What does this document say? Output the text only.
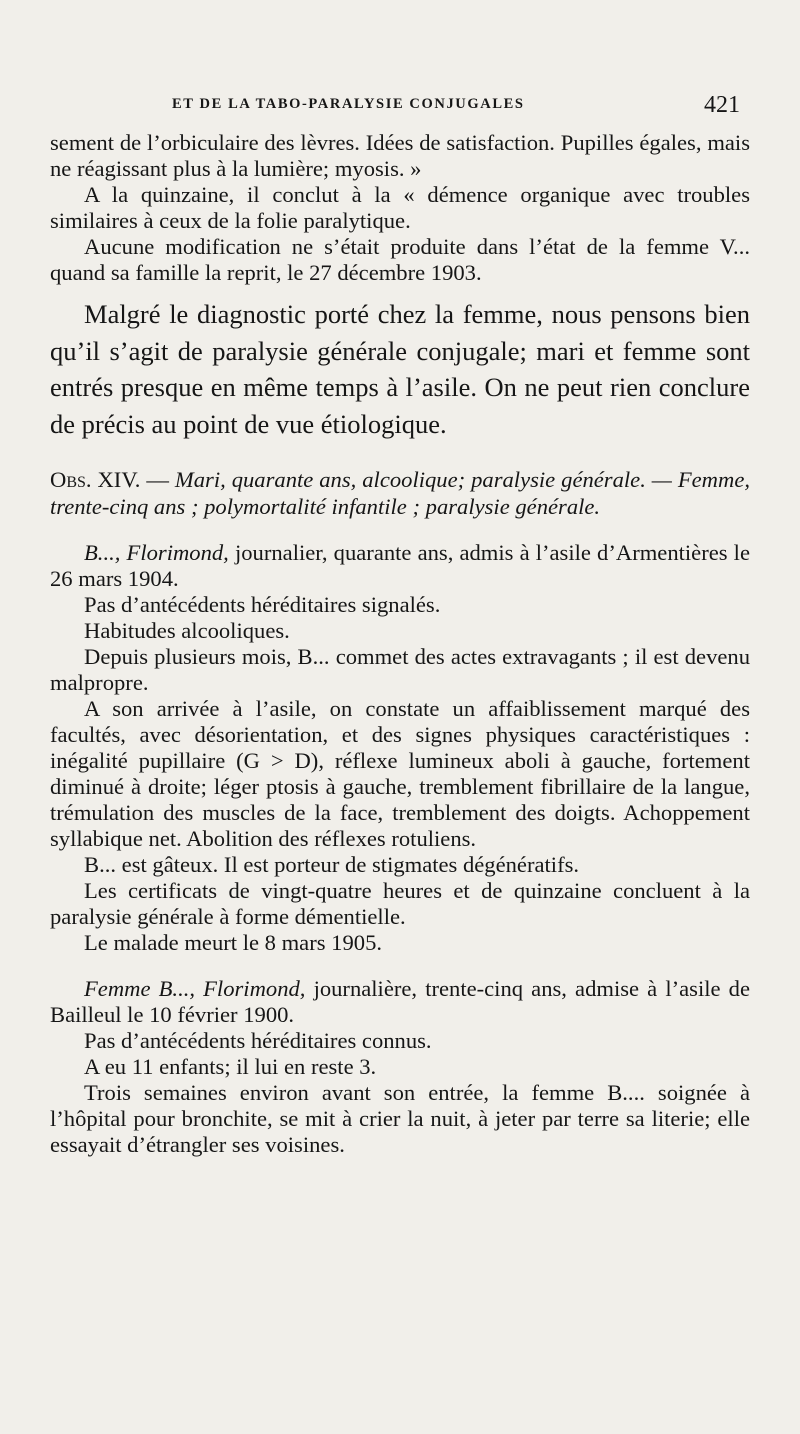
ET DE LA TABO-PARALYSIE CONJUGALES	421

sement de l’orbiculaire des lèvres. Idées de satisfaction. Pupilles égales, mais ne réagissant plus à la lumière; myosis. »

A la quinzaine, il conclut à la « démence organique avec troubles similaires à ceux de la folie paralytique.

Aucune modification ne s’était produite dans l’état de la femme V... quand sa famille la reprit, le 27 décembre 1903.

Malgré le diagnostic porté chez la femme, nous pensons bien qu’il s’agit de paralysie générale conjugale; mari et femme sont entrés presque en même temps à l’asile. On ne peut rien conclure de précis au point de vue étiologique.

Obs. XIV. — Mari, quarante ans, alcoolique; paralysie générale. — Femme, trente-cinq ans ; polymortalité infantile ; paralysie générale.

B..., Florimond, journalier, quarante ans, admis à l’asile d’Armentières le 26 mars 1904.

Pas d’antécédents héréditaires signalés.

Habitudes alcooliques.

Depuis plusieurs mois, B... commet des actes extravagants ; il est devenu malpropre.

A son arrivée à l’asile, on constate un affaiblissement marqué des facultés, avec désorientation, et des signes physiques caractéristiques : inégalité pupillaire (G > D), réflexe lumineux aboli à gauche, fortement diminué à droite; léger ptosis à gauche, tremblement fibrillaire de la langue, trémulation des muscles de la face, tremblement des doigts. Achoppement syllabique net. Abolition des réflexes rotuliens.

B... est gâteux. Il est porteur de stigmates dégénératifs.

Les certificats de vingt-quatre heures et de quinzaine concluent à la paralysie générale à forme démentielle.

Le malade meurt le 8 mars 1905.

Femme B..., Florimond, journalière, trente-cinq ans, admise à l’asile de Bailleul le 10 février 1900.

Pas d’antécédents héréditaires connus.

A eu 11 enfants; il lui en reste 3.

Trois semaines environ avant son entrée, la femme B.... soignée à l’hôpital pour bronchite, se mit à crier la nuit, à jeter par terre sa literie; elle essayait d’étrangler ses voisines.
